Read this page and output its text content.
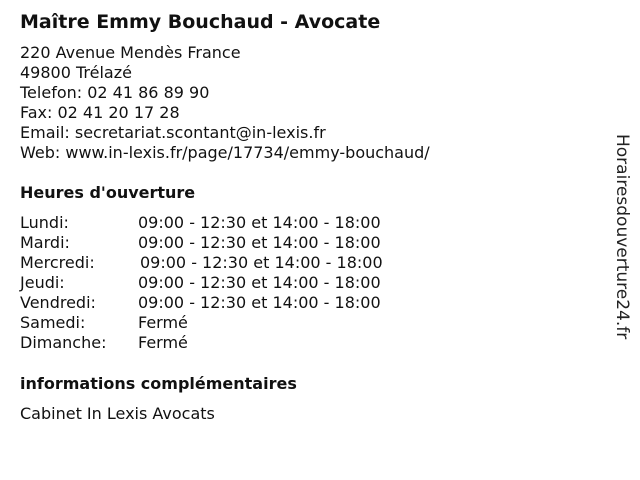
Maître Emmy Bouchaud - Avocate
220 Avenue Mendès France
49800 Trélazé
Telefon: 02 41 86 89 90
Fax: 02 41 20 17 28
Email: secretariat.scontant@in-lexis.fr
Web: www.in-lexis.fr/page/17734/emmy-bouchaud/
Heures d'ouverture
Lundi:	09:00 - 12:30 et 14:00 - 18:00
Mardi:	09:00 - 12:30 et 14:00 - 18:00
Mercredi:	09:00 - 12:30 et 14:00 - 18:00
Jeudi:	09:00 - 12:30 et 14:00 - 18:00
Vendredi:	09:00 - 12:30 et 14:00 - 18:00
Samedi:	Fermé
Dimanche: Fermé
informations complémentaires
Cabinet In Lexis Avocats
Horairesdouverture24.fr
